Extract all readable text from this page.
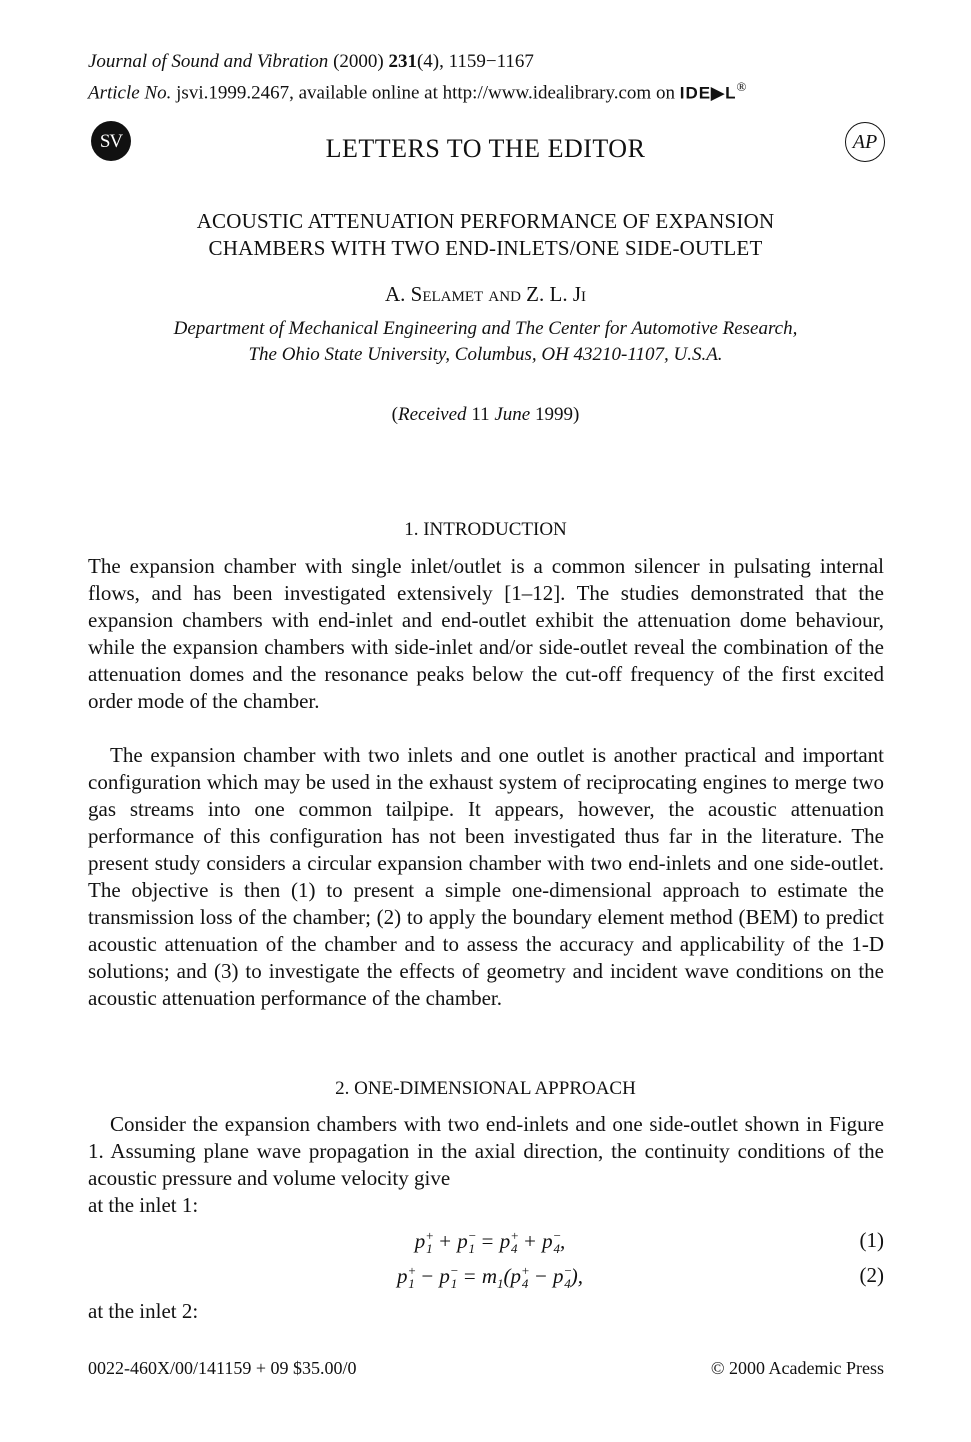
Journal of Sound and Vibration (2000) 231(4), 1159−1167
Article No. jsvi.1999.2467, available online at http://www.idealibrary.com on IDE▶L®
SV	AP
LETTERS TO THE EDITOR
ACOUSTIC ATTENUATION PERFORMANCE OF EXPANSION
CHAMBERS WITH TWO END-INLETS/ONE SIDE-OUTLET
A. Selamet and Z. L. Ji
Department of Mechanical Engineering and The Center for Automotive Research,
The Ohio State University, Columbus, OH 43210-1107, U.S.A.
(Received 11 June 1999)
1. INTRODUCTION
The expansion chamber with single inlet/outlet is a common silencer in pulsating internal flows, and has been investigated extensively [1–12]. The studies demonstrated that the expansion chambers with end-inlet and end-outlet exhibit the attenuation dome behaviour, while the expansion chambers with side-inlet and/or side-outlet reveal the combination of the attenuation domes and the resonance peaks below the cut-off frequency of the first excited order mode of the chamber.
The expansion chamber with two inlets and one outlet is another practical and important configuration which may be used in the exhaust system of reciprocating engines to merge two gas streams into one common tailpipe. It appears, however, the acoustic attenuation performance of this configuration has not been investigated thus far in the literature. The present study considers a circular expansion chamber with two end-inlets and one side-outlet. The objective is then (1) to present a simple one-dimensional approach to estimate the transmission loss of the chamber; (2) to apply the boundary element method (BEM) to predict acoustic attenuation of the chamber and to assess the accuracy and applicability of the 1-D solutions; and (3) to investigate the effects of geometry and incident wave conditions on the acoustic attenuation performance of the chamber.
2. ONE-DIMENSIONAL APPROACH
Consider the expansion chambers with two end-inlets and one side-outlet shown in Figure 1. Assuming plane wave propagation in the axial direction, the continuity conditions of the acoustic pressure and volume velocity give
at the inlet 1:
$p^+_1 + p^-_1 = p^+_4 + p^-_4$,	(1)
$p^+_1 - p^-_1 = m_1(p^+_4 - p^-_4)$,	(2)
at the inlet 2:
0022-460X/00/141159 + 09 $35.00/0	© 2000 Academic Press
